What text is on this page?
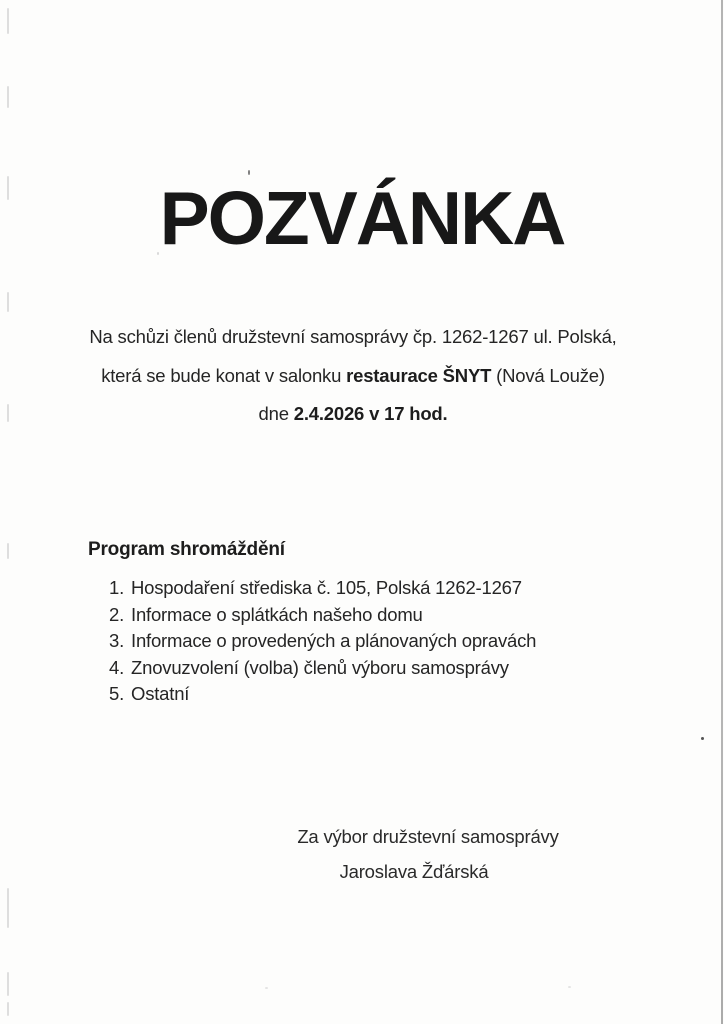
POZVÁNKA
Na schůzi členů družstevní samosprávy čp. 1262-1267 ul. Polská,
která se bude konat v salonku restaurace ŠNYT (Nová Louže)
dne 2.4.2026 v 17 hod.
Program shromáždění
1. Hospodaření střediska č. 105, Polská 1262-1267
2. Informace o splátkách našeho domu
3. Informace o provedených a plánovaných opravách
4. Znovuzvolení (volba) členů výboru samosprávy
5. Ostatní
Za výbor družstevní samosprávy
Jaroslava Žďárská
